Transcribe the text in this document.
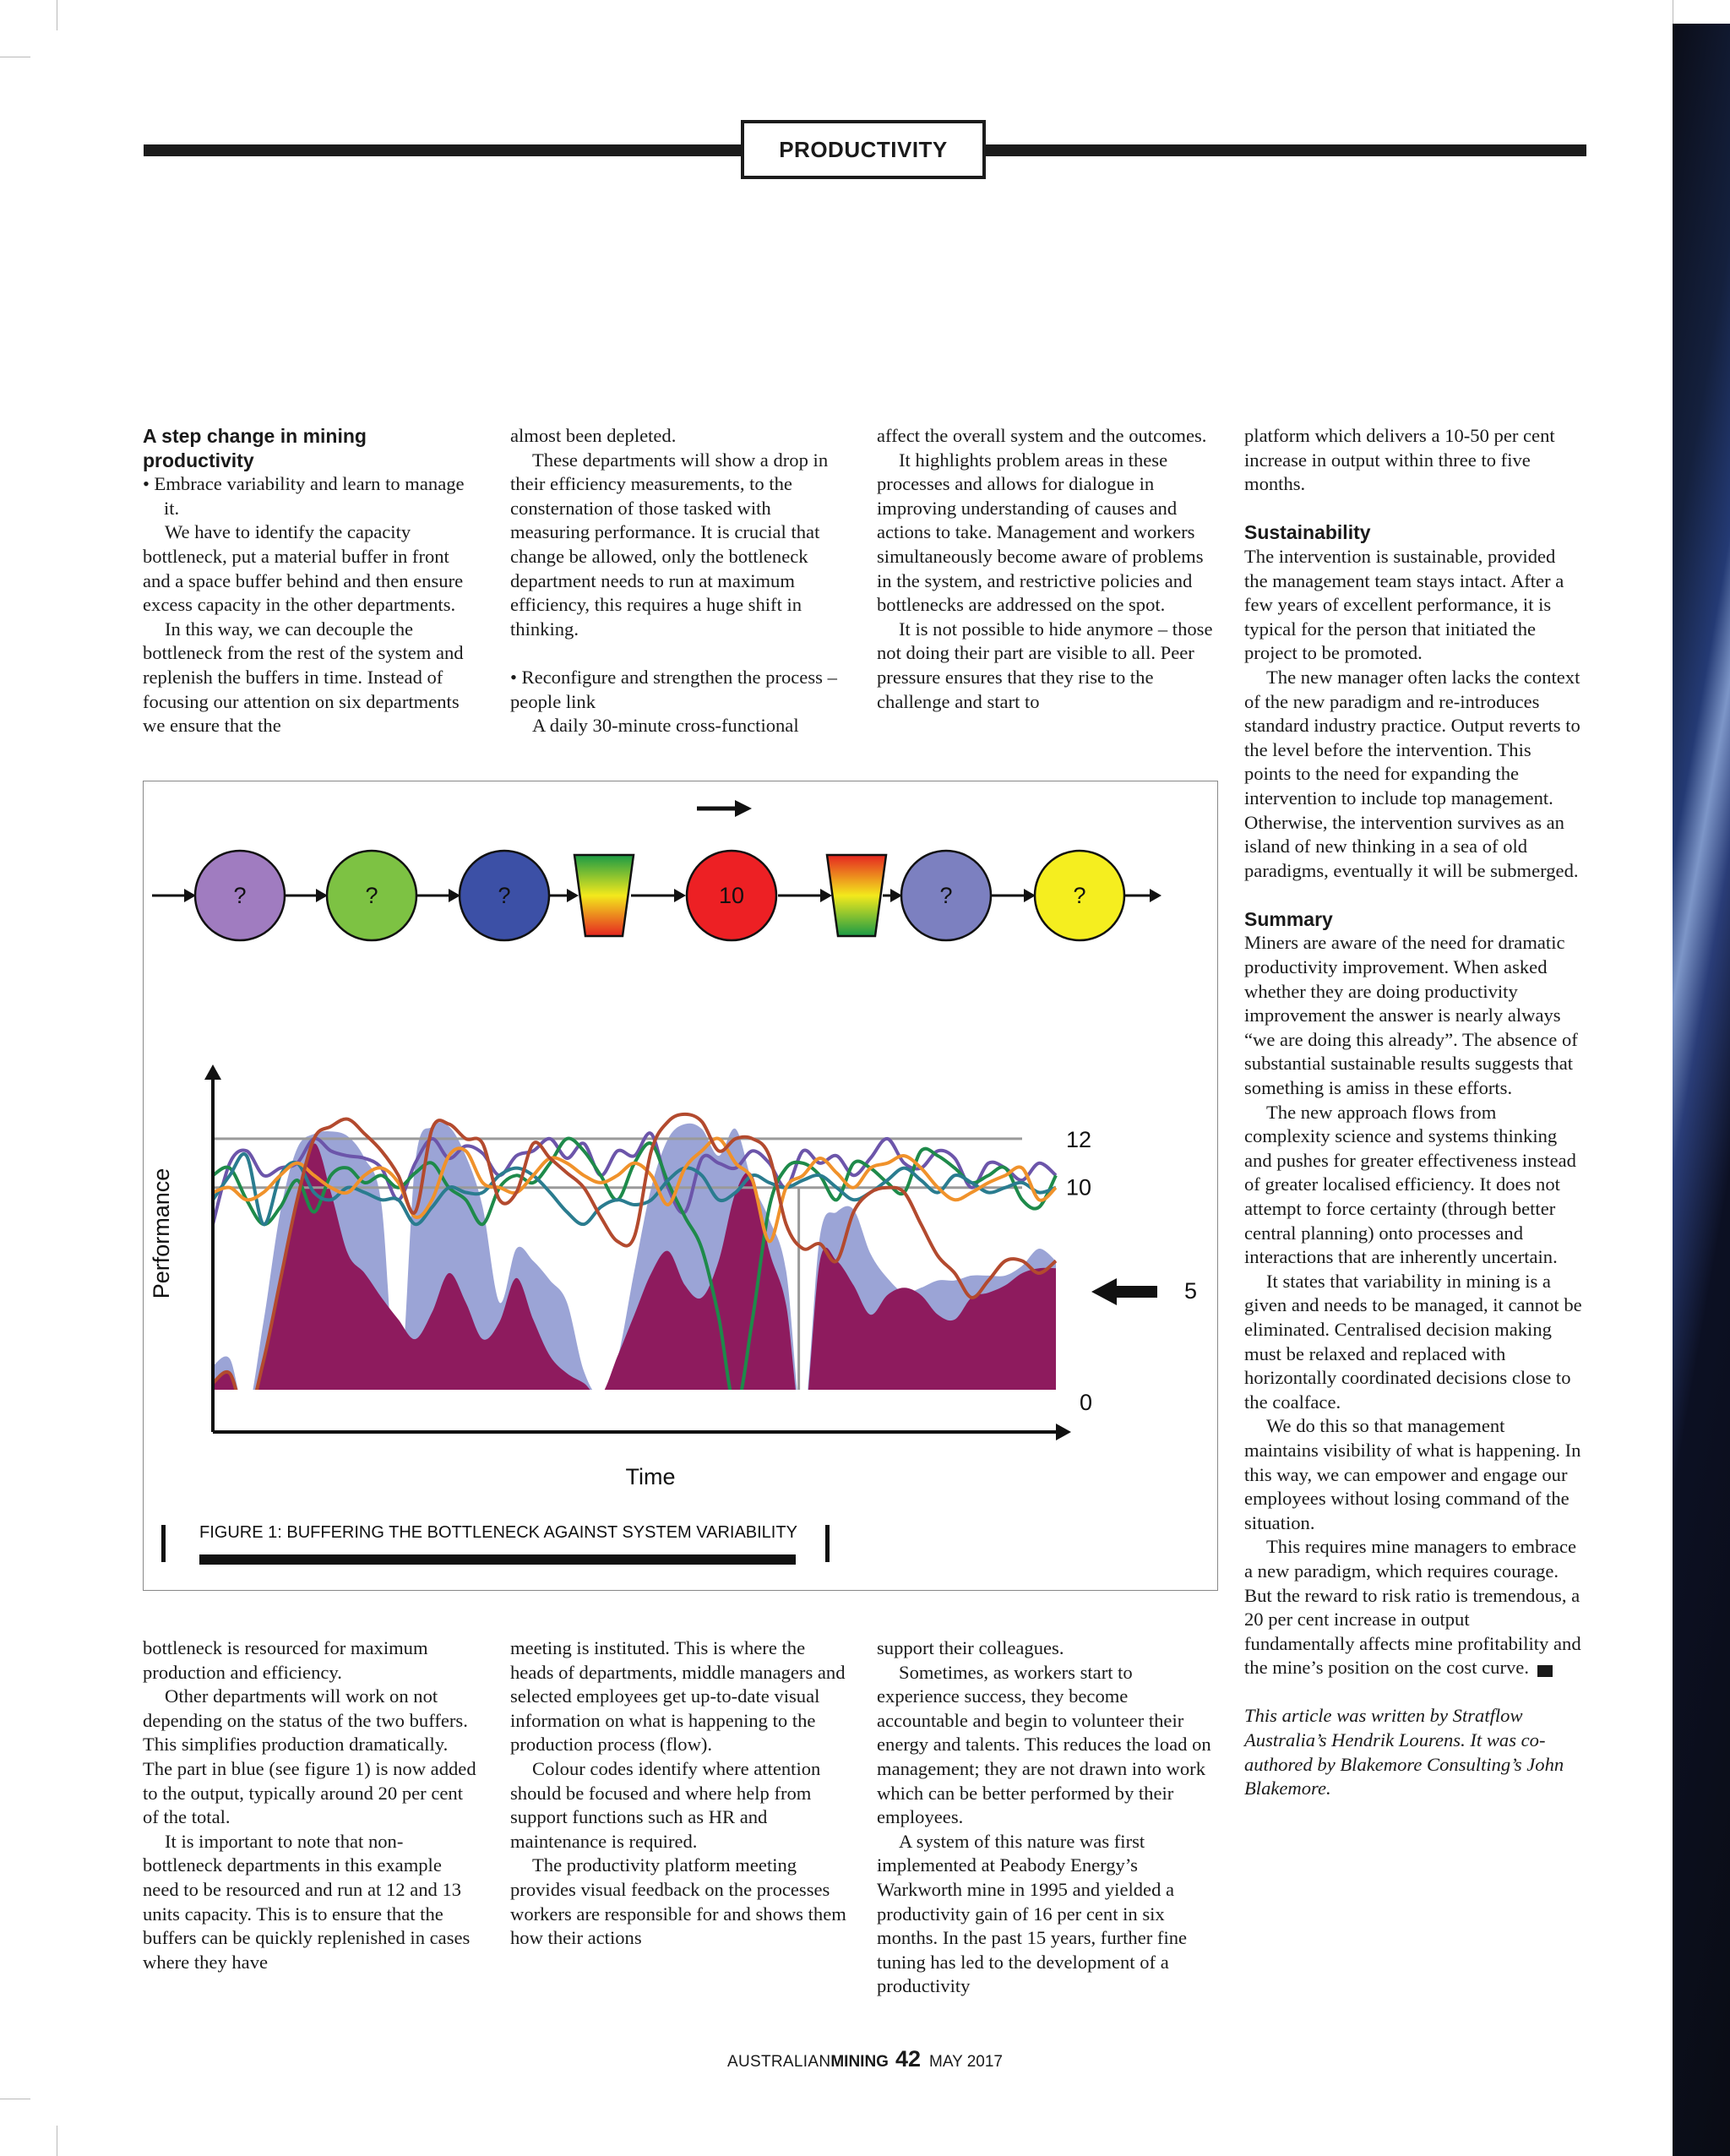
PRODUCTIVITY
A step change in mining productivity

• Embrace variability and learn to manage it.

We have to identify the capacity bottleneck, put a material buffer in front and a space buffer behind and then ensure excess capacity in the other departments.

In this way, we can decouple the bottleneck from the rest of the system and replenish the buffers in time. Instead of focusing our attention on six departments we ensure that the

almost been depleted.

These departments will show a drop in their efficiency measurements, to the consternation of those tasked with measuring performance. It is crucial that change be allowed, only the bottleneck department needs to run at maximum efficiency, this requires a huge shift in thinking.

• Reconfigure and strengthen the process – people link

A daily 30-minute cross-functional

affect the overall system and the outcomes.

It highlights problem areas in these processes and allows for dialogue in improving understanding of causes and actions to take. Management and workers simultaneously become aware of problems in the system, and restrictive policies and bottlenecks are addressed on the spot.

It is not possible to hide anymore – those not doing their part are visible to all. Peer pressure ensures that they rise to the challenge and start to

platform which delivers a 10-50 per cent increase in output within three to five months.

Sustainability

The intervention is sustainable, provided the management team stays intact. After a few years of excellent performance, it is typical for the person that initiated the project to be promoted.

The new manager often lacks the context of the new paradigm and re-introduces standard industry practice. Output reverts to the level before the intervention. This points to the need for expanding the intervention to include top management. Otherwise, the intervention survives as an island of new thinking in a sea of old paradigms, eventually it will be submerged.

Summary

Miners are aware of the need for dramatic productivity improvement. When asked whether they are doing productivity improvement the answer is nearly always “we are doing this already”. The absence of substantial sustainable results suggests that something is amiss in these efforts.

The new approach flows from complexity science and systems thinking and pushes for greater effectiveness instead of greater localised efficiency. It does not attempt to force certainty (through better central planning) onto processes and interactions that are inherently uncertain.

It states that variability in mining is a given and needs to be managed, it cannot be eliminated. Centralised decision making must be relaxed and replaced with horizontally coordinated decisions close to the coalface.

We do this so that management maintains visibility of what is happening. In this way, we can empower and engage our employees without losing command of the situation.

This requires mine managers to embrace a new paradigm, which requires courage. But the reward to risk ratio is tremendous, a 20 per cent increase in output fundamentally affects mine profitability and the mine’s position on the cost curve.	AM

This article was written by Stratflow Australia’s Hendrik Lourens. It was co-authored by Blakemore Consulting’s John Blakemore.

bottleneck is resourced for maximum production and efficiency.

Other departments will work on not depending on the status of the two buffers. This simplifies production dramatically. The part in blue (see figure 1) is now added to the output, typically around 20 per cent of the total.

It is important to note that non-bottleneck departments in this example need to be resourced and run at 12 and 13 units capacity. This is to ensure that the buffers can be quickly replenished in cases where they have

meeting is instituted. This is where the heads of departments, middle managers and selected employees get up-to-date visual information on what is happening to the production process (flow).

Colour codes identify where attention should be focused and where help from support functions such as HR and maintenance is required.

The productivity platform meeting provides visual feedback on the processes workers are responsible for and shows them how their actions

support their colleagues.

Sometimes, as workers start to experience success, they become accountable and begin to volunteer their energy and talents. This reduces the load on management; they are not drawn into work which can be better performed by their employees.

A system of this nature was first implemented at Peabody Energy’s Warkworth mine in 1995 and yielded a productivity gain of 16 per cent in six months. In the past 15 years, further fine tuning has led to the development of a productivity

?	?	?	10	?	?
12
10
5
0
Performance
Time
FIGURE 1: BUFFERING THE BOTTLENECK AGAINST SYSTEM VARIABILITY
AUSTRALIANMINING 42 MAY 2017
